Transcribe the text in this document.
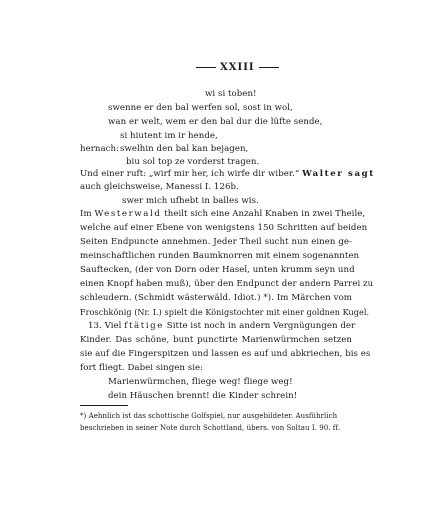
XXIII
wi si toben!
swenne er den bal werfen sol, sost in wol,
wan er welt, wem er den bal dur die lüfte sende,
si hiutent im ir hende,
hernach: swelhin den bal kan bejagen,
biu sol top ze vorderst tragen.
Und einer ruft: „wirf mir her, ich wirfe dir wiber.“ Walter sagt
auch gleichsweise, Manessi I. 126b.
swer mich ufhebt in balles wis.
Im Westerwald theilt sich eine Anzahl Knaben in zwei Theile,
welche auf einer Ebene von wenigstens 150 Schritten auf beiden
Seiten Endpuncte annehmen. Jeder Theil sucht nun einen ge-
meinschaftlichen runden Baumknorren mit einem sogenannten
Sauftecken, (der von Dorn oder Hasel, unten krumm seyn und
einen Knopf haben muß), über den Endpunct der andern Parrei zu
schleudern. (Schmidt wästerwäld. Idiot.) *). Im Märchen vom
Froschkönig (Nr. I.) spielt die Königstochter mit einer goldnen Kugel.
13. Viel ftätige Sitte ist noch in andern Vergnügungen der
Kinder. Das schöne, bunt punctirte Marienwürmchen setzen
sie auf die Fingerspitzen und lassen es auf und abkriechen, bis es
fort fliegt. Dabei singen sie:
Marienwürmchen, fliege weg! fliege weg!
dein Häuschen brennt! die Kinder schrein!
*) Aehnlich ist das schottische Golfspiel, nur ausgebildeter. Ausführlich
beschrieben in seiner Note durch Schottland, übers. von Soltau I. 90. ff.
